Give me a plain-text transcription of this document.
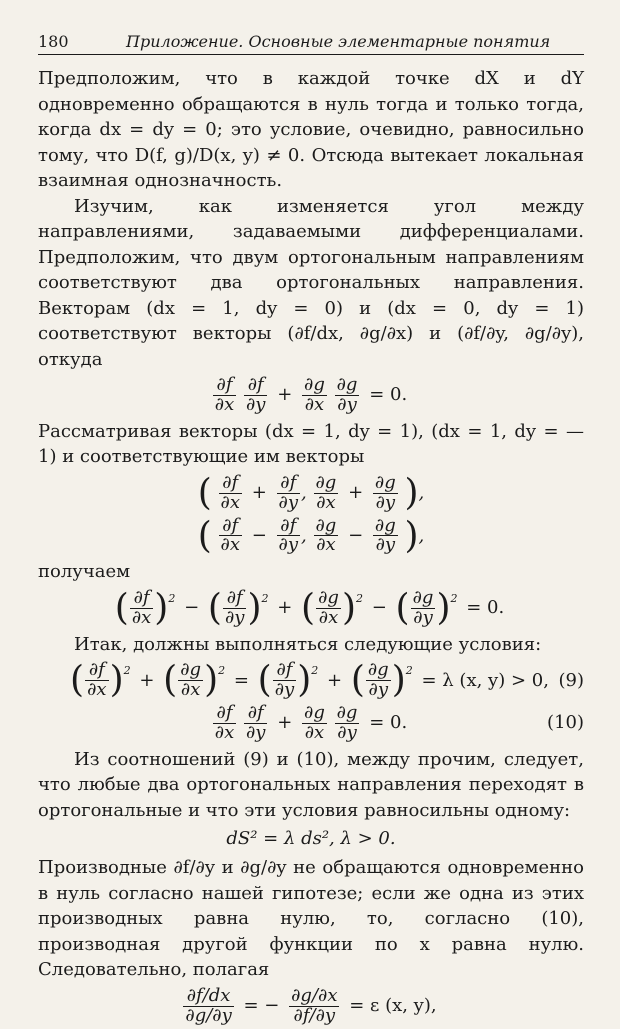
180	Приложение. Основные элементарные понятия

Предположим, что в каждой точке dX и dY одновременно обращаются в нуль тогда и только тогда, когда dx = dy = 0; это условие, очевидно, равносильно тому, что D(f, g)/D(x, y) ≠ 0. Отсюда вытекает локальная взаимная однозначность.

Изучим, как изменяется угол между направлениями, задаваемыми дифференциалами. Предположим, что двум ортогональным направлениям соответствуют два ортогональных направления. Векторам (dx = 1, dy = 0) и (dx = 0, dy = 1) соответствуют векторы (∂f/dx, ∂g/∂x) и (∂f/∂y, ∂g/∂y), откуда

$\frac{\partial f}{\partial x}$
$\frac{\partial f}{\partial y} + \frac{\partial g}{\partial x}$
$\frac{\partial g}{\partial y} = 0$.

Рассматривая векторы (dx = 1, dy = 1), (dx = 1, dy = — 1) и соответствующие им векторы

( $\frac{\partial f}{\partial x} + \frac{\partial f}{\partial y}$ , $\frac{\partial g}{\partial x} + \frac{\partial g}{\partial y}$ ),
( $\frac{\partial f}{\partial x} - \frac{\partial f}{\partial y}$ , $\frac{\partial g}{\partial x} - \frac{\partial g}{\partial y}$ ),

получаем

( $\frac{\partial f}{\partial x} )^2$ − ( $\frac{\partial f}{\partial y} )^2$ + ( $\frac{\partial g}{\partial x} )^2$ − ( $\frac{\partial g}{\partial y} )^2 = 0$.

Итак, должны выполняться следующие условия:

( $\frac{\partial f}{\partial x} )^2$ + ( $\frac{\partial g}{\partial x} )^2$ = ( $\frac{\partial f}{\partial y} )^2$ + ( $\frac{\partial g}{\partial y} )^2 = \lambda$ (x, y) > 0, (9)
$\frac{\partial f}{\partial x}$
$\frac{\partial f}{\partial y} + \frac{\partial g}{\partial x}$
$\frac{\partial g}{\partial y} = 0$.	(10)

Из соотношений (9) и (10), между прочим, следует, что любые два ортогональных направления переходят в ортогональные и что эти условия равносильны одному:

dS² = λ ds², λ > 0.

Производные ∂f/∂y и ∂g/∂y не обращаются одновременно в нуль согласно нашей гипотезе; если же одна из этих производных равна нулю, то, согласно (10), производная другой функции по x равна нулю. Следовательно, полагая

$\frac{\partial f/dx}{\partial g/\partial y}$ = − $\frac{\partial g/\partial x}{\partial f/\partial y} = \varepsilon$ (x, y),
